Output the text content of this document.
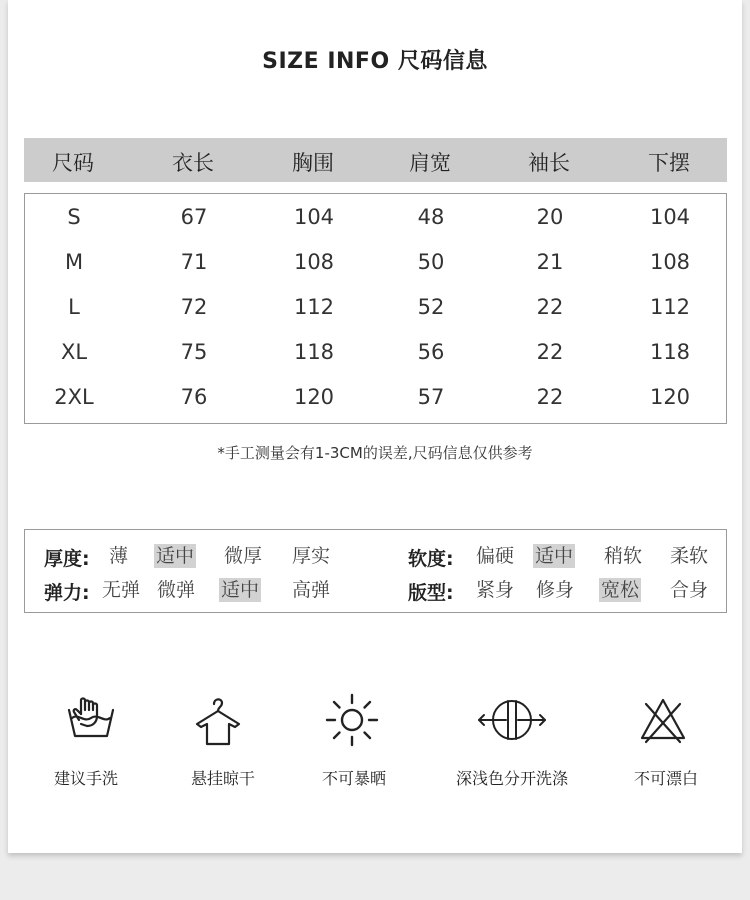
SIZE INFO 尺码信息
尺码	衣长	胸围	肩宽	袖长	下摆
S	67	104	48	20	104
M	71	108	50	21	108
L	72	112	52	22	112
XL	75	118	56	22	118
2XL	76	120	57	22	120
*手工测量会有1-3CM的误差,尺码信息仅供参考
厚度: 薄 适中 微厚 厚实	软度: 偏硬 适中 稍软 柔软
弹力: 无弹 微弹 适中 高弹	版型: 紧身 修身 宽松 合身
建议手洗	悬挂晾干	不可暴晒	深浅色分开洗涤	不可漂白
